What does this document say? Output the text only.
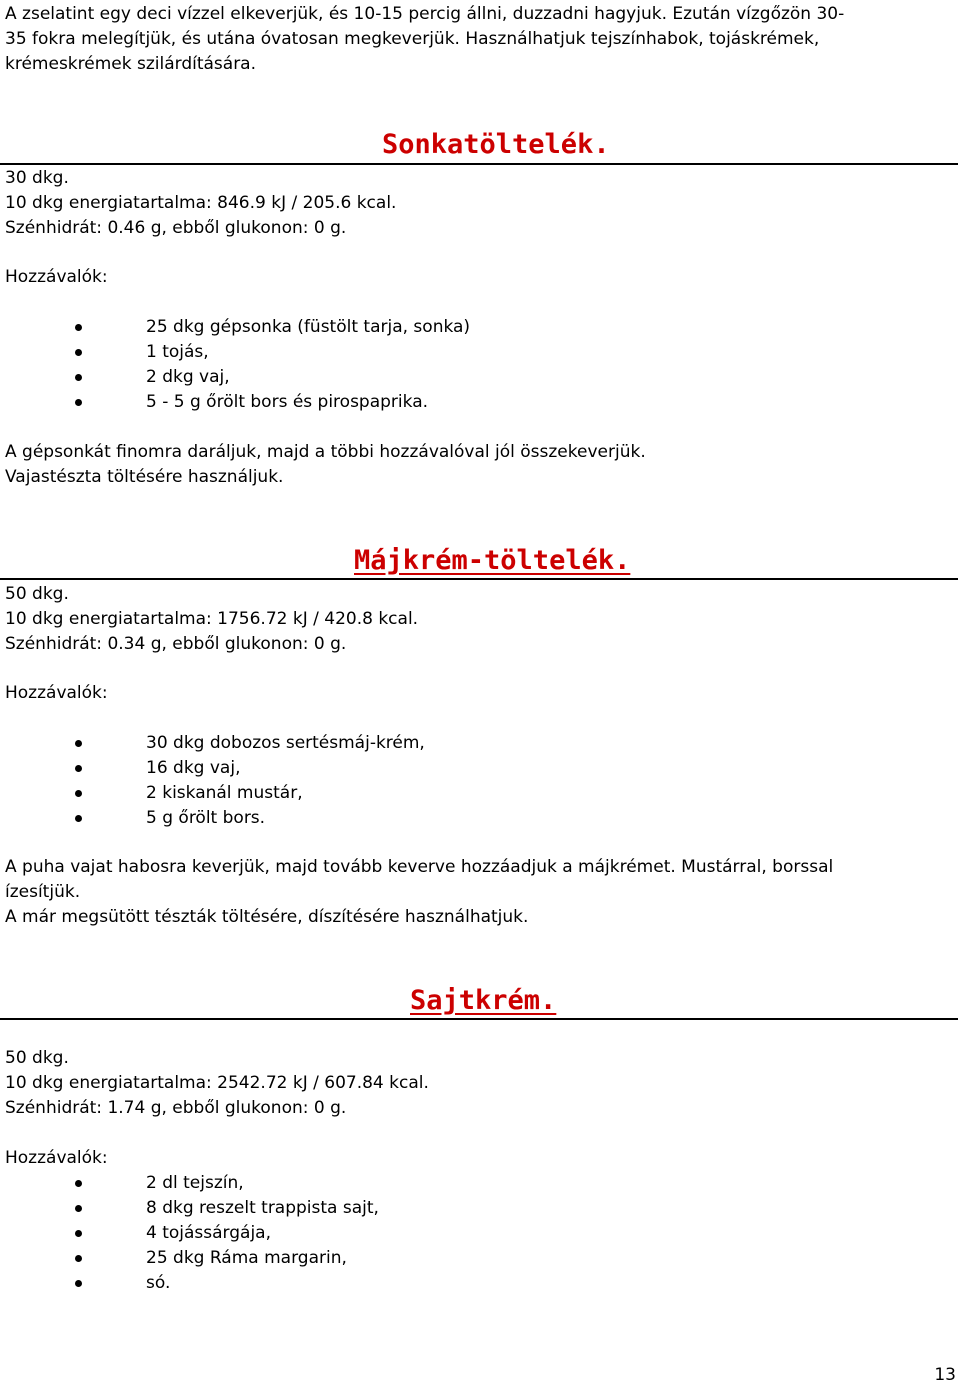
A zselatint egy deci vízzel elkeverjük, és 10-15 percig állni, duzzadni hagyjuk. Ezután vízgőzön 30-
35 fokra melegítjük, és utána óvatosan megkeverjük. Használhatjuk tejszínhabok, tojáskrémek,
krémeskrémek szilárdítására.
Sonkatöltelék.
30 dkg.
10 dkg energiatartalma: 846.9 kJ / 205.6 kcal.
Szénhidrát: 0.46 g, ebből glukonon: 0 g.
Hozzávalók:
25 dkg gépsonka (füstölt tarja, sonka)
1 tojás,
2 dkg vaj,
5 - 5 g őrölt bors és pirospaprika.
A gépsonkát finomra daráljuk, majd a többi hozzávalóval jól összekeverjük.
Vajastészta töltésére használjuk.
Májkrém-töltelék.
50 dkg.
10 dkg energiatartalma: 1756.72 kJ / 420.8 kcal.
Szénhidrát: 0.34 g, ebből glukonon: 0 g.
Hozzávalók:
30 dkg dobozos sertésmáj-krém,
16 dkg vaj,
2 kiskanál mustár,
5 g őrölt bors.
A puha vajat habosra keverjük, majd tovább keverve hozzáadjuk a májkrémet. Mustárral, borssal
ízesítjük.
A már megsütött tészták töltésére, díszítésére használhatjuk.
Sajtkrém.
50 dkg.
10 dkg energiatartalma: 2542.72 kJ / 607.84 kcal.
Szénhidrát: 1.74 g, ebből glukonon: 0 g.
Hozzávalók:
2 dl tejszín,
8 dkg reszelt trappista sajt,
4 tojássárgája,
25 dkg Ráma margarin,
só.
13
